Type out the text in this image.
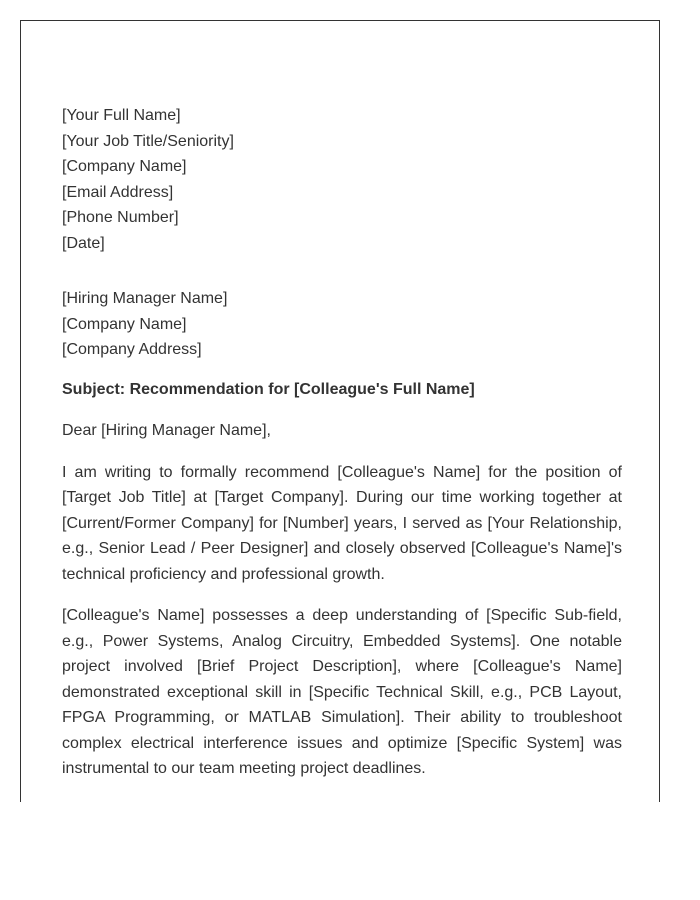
[Your Full Name]

[Your Job Title/Seniority]

[Company Name]

[Email Address]

[Phone Number]

[Date]

[Hiring Manager Name]

[Company Name]

[Company Address]

Subject: Recommendation for [Colleague's Full Name]

Dear [Hiring Manager Name],

I am writing to formally recommend [Colleague's Name] for the position of [Target Job Title] at [Target Company]. During our time working together at [Current/Former Company] for [Number] years, I served as [Your Relationship, e.g., Senior Lead / Peer Designer] and closely observed [Colleague's Name]'s technical proficiency and professional growth.

[Colleague's Name] possesses a deep understanding of [Specific Sub-field, e.g., Power Systems, Analog Circuitry, Embedded Systems]. One notable project involved [Brief Project Description], where [Colleague's Name] demonstrated exceptional skill in [Specific Technical Skill, e.g., PCB Layout, FPGA Programming, or MATLAB Simulation]. Their ability to troubleshoot complex electrical interference issues and optimize [Specific System] was instrumental to our team meeting project deadlines.
